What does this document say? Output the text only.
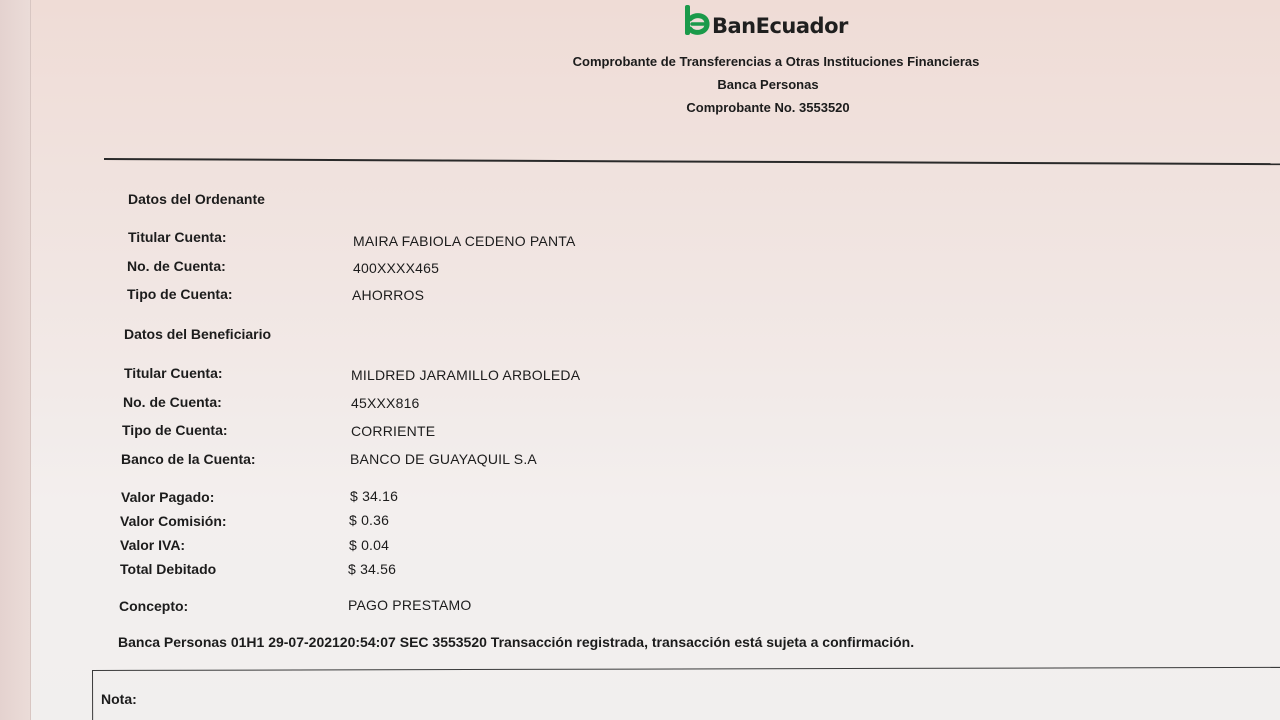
BanEcuador
Comprobante de Transferencias a Otras Instituciones Financieras
Banca Personas
Comprobante No. 3553520
Datos del Ordenante
Titular Cuenta:	MAIRA FABIOLA CEDENO PANTA
No. de Cuenta:	400XXXX465
Tipo de Cuenta:	AHORROS
Datos del Beneficiario
Titular Cuenta:	MILDRED JARAMILLO ARBOLEDA
No. de Cuenta:	45XXX816
Tipo de Cuenta:	CORRIENTE
Banco de la Cuenta:	BANCO DE GUAYAQUIL S.A
Valor Pagado:	$ 34.16
Valor Comisión:	$ 0.36
Valor IVA:	$ 0.04
Total Debitado	$ 34.56
Concepto:	PAGO PRESTAMO
Banca Personas 01H1 29-07-202120:54:07 SEC 3553520 Transacción registrada, transacción está sujeta a confirmación.
Nota:
